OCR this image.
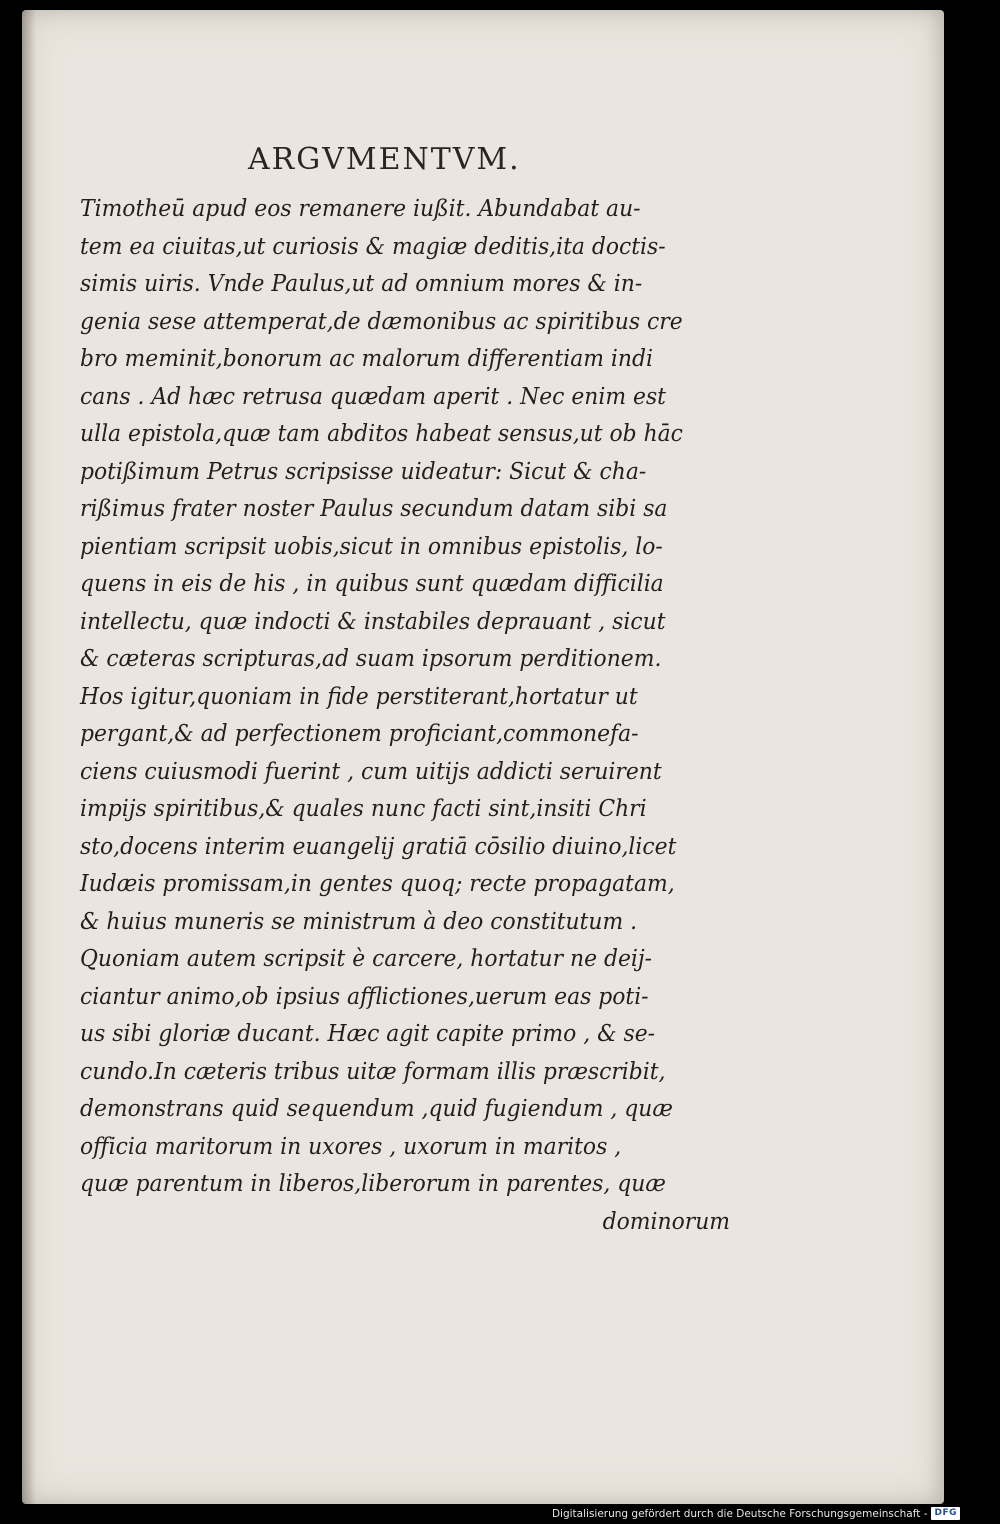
ARGVMENTVM.
Timotheū apud eos remanere iußit. Abundabat au-
tem ea ciuitas,ut curiosis & magiæ deditis,ita doctis-
simis uiris. Vnde Paulus,ut ad omnium mores & in-
genia sese attemperat,de dæmonibus ac spiritibus cre
bro meminit,bonorum ac malorum differentiam indi
cans . Ad hæc retrusa quædam aperit . Nec enim est
ulla epistola,quæ tam abditos habeat sensus,ut ob hāc
potißimum Petrus scripsisse uideatur: Sicut & cha-
rißimus frater noster Paulus secundum datam sibi sa
pientiam scripsit uobis,sicut in omnibus epistolis, lo-
quens in eis de his , in quibus sunt quædam difficilia
intellectu, quæ indocti & instabiles deprauant , sicut
& cæteras scripturas,ad suam ipsorum perditionem.
Hos igitur,quoniam in fide perstiterant,hortatur ut
pergant,& ad perfectionem proficiant,commonefa-
ciens cuiusmodi fuerint , cum uitijs addicti seruirent
impijs spiritibus,& quales nunc facti sint,insiti Chri
sto,docens interim euangelij gratiā cōsilio diuino,licet
Iudæis promissam,in gentes quoq; recte propagatam,
& huius muneris se ministrum à deo constitutum .
Quoniam autem scripsit è carcere, hortatur ne deij-
ciantur animo,ob ipsius afflictiones,uerum eas poti-
us sibi gloriæ ducant. Hæc agit capite primo , & se-
cundo.In cæteris tribus uitæ formam illis præscribit,
demonstrans quid sequendum ,quid fugiendum , quæ
officia maritorum in uxores , uxorum in maritos ,
quæ parentum in liberos,liberorum in parentes, quæ
dominorum
Digitalisierung gefördert durch die Deutsche Forschungsgemeinschaft - DFG
